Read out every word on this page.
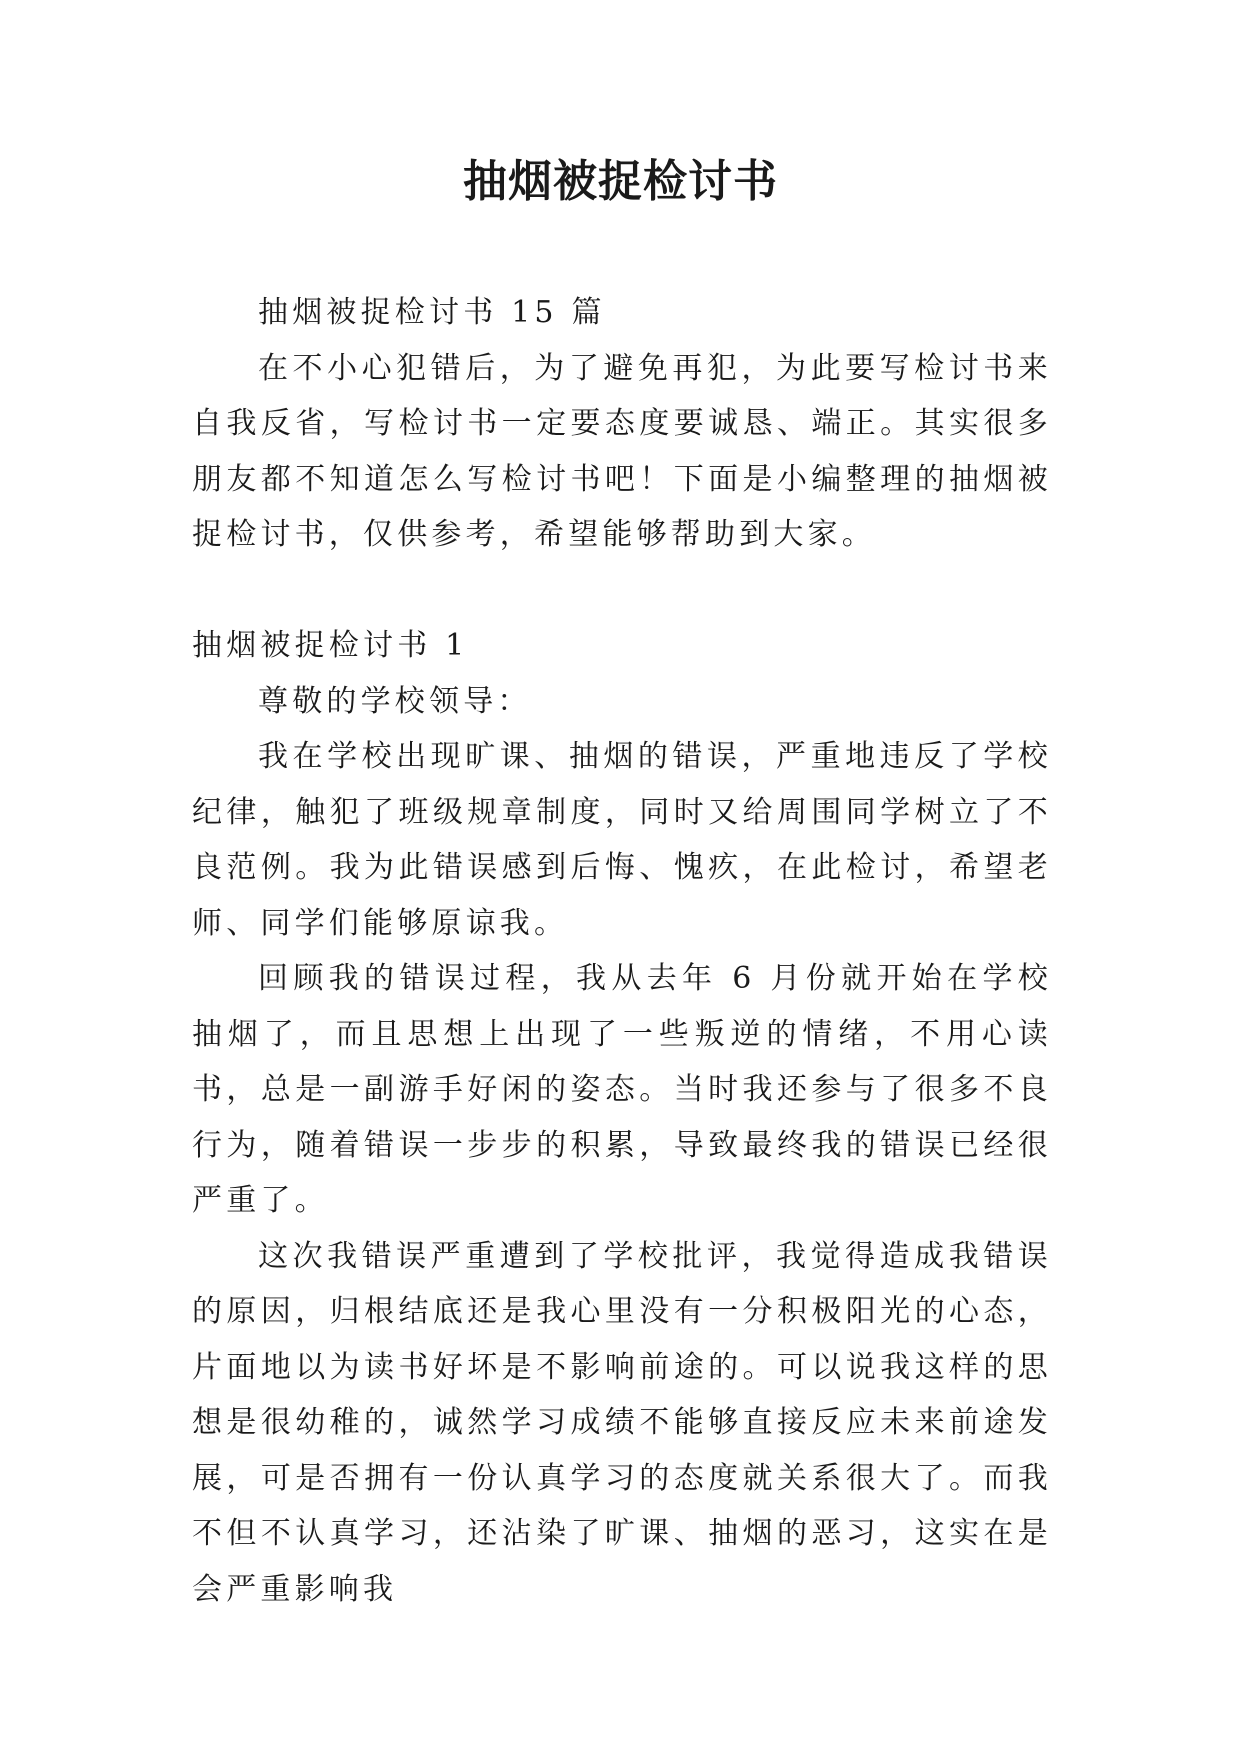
抽烟被捉检讨书

抽烟被捉检讨书 15 篇

在不小心犯错后，为了避免再犯，为此要写检讨书来自我反省，写检讨书一定要态度要诚恳、端正。其实很多朋友都不知道怎么写检讨书吧！下面是小编整理的抽烟被捉检讨书，仅供参考，希望能够帮助到大家。

抽烟被捉检讨书 1

尊敬的学校领导：

我在学校出现旷课、抽烟的错误，严重地违反了学校纪律，触犯了班级规章制度，同时又给周围同学树立了不良范例。我为此错误感到后悔、愧疚，在此检讨，希望老师、同学们能够原谅我。

回顾我的错误过程，我从去年 6 月份就开始在学校抽烟了，而且思想上出现了一些叛逆的情绪，不用心读书，总是一副游手好闲的姿态。当时我还参与了很多不良行为，随着错误一步步的积累，导致最终我的错误已经很严重了。

这次我错误严重遭到了学校批评，我觉得造成我错误的原因，归根结底还是我心里没有一分积极阳光的心态，片面地以为读书好坏是不影响前途的。可以说我这样的思想是很幼稚的，诚然学习成绩不能够直接反应未来前途发展，可是否拥有一份认真学习的态度就关系很大了。而我不但不认真学习，还沾染了旷课、抽烟的恶习，这实在是会严重影响我
